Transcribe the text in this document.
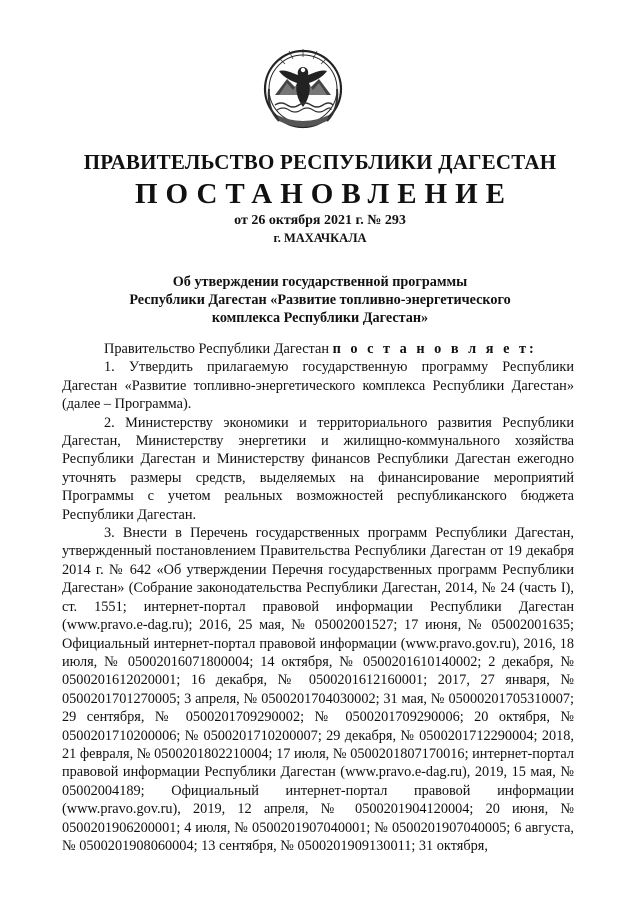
ПРАВИТЕЛЬСТВО РЕСПУБЛИКИ ДАГЕСТАН
ПОСТАНОВЛЕНИЕ
от 26 октября 2021 г. № 293
г. МАХАЧКАЛА
Об утверждении государственной программы
Республики Дагестан «Развитие топливно-энергетического
комплекса Республики Дагестан»

Правительство Республики Дагестан п о с т а н о в л я е т:

1. Утвердить прилагаемую государственную программу Республики Дагестан «Развитие топливно-энергетического комплекса Республики Дагестан» (далее – Программа).

2. Министерству экономики и территориального развития Республики Дагестан, Министерству энергетики и жилищно-коммунального хозяйства Республики Дагестан и Министерству финансов Республики Дагестан ежегодно уточнять размеры средств, выделяемых на финансирование мероприятий Программы с учетом реальных возможностей республиканского бюджета Республики Дагестан.

3. Внести в Перечень государственных программ Республики Дагестан, утвержденный постановлением Правительства Республики Дагестан от 19 декабря 2014 г. № 642 «Об утверждении Перечня государственных программ Республики Дагестан» (Собрание законодательства Республики Дагестан, 2014, № 24 (часть I), ст. 1551; интернет-портал правовой информации Республики Дагестан (www.pravo.e-dag.ru); 2016, 25 мая, № 05002001527; 17 июня, № 05002001635; Официальный интернет-портал правовой информации (www.pravo.gov.ru), 2016, 18 июля, № 05002016071800004; 14 октября, № 0500201610140002; 2 декабря, № 0500201612020001; 16 декабря, № 0500201612160001; 2017, 27 января, № 0500201701270005; 3 апреля, № 0500201704030002; 31 мая, № 05000201705310007; 29 сентября, № 0500201709290002; № 0500201709290006; 20 октября, № 0500201710200006; № 0500201710200007; 29 декабря, № 0500201712290004; 2018, 21 февраля, № 0500201802210004; 17 июля, № 0500201807170016; интернет-портал правовой информации Республики Дагестан (www.pravo.e-dag.ru), 2019, 15 мая, № 05002004189; Официальный интернет-портал правовой информации (www.pravo.gov.ru), 2019, 12 апреля, № 0500201904120004; 20 июня, № 0500201906200001; 4 июля, № 0500201907040001; № 0500201907040005; 6 августа, № 0500201908060004; 13 сентября, № 0500201909130011; 31 октября,
